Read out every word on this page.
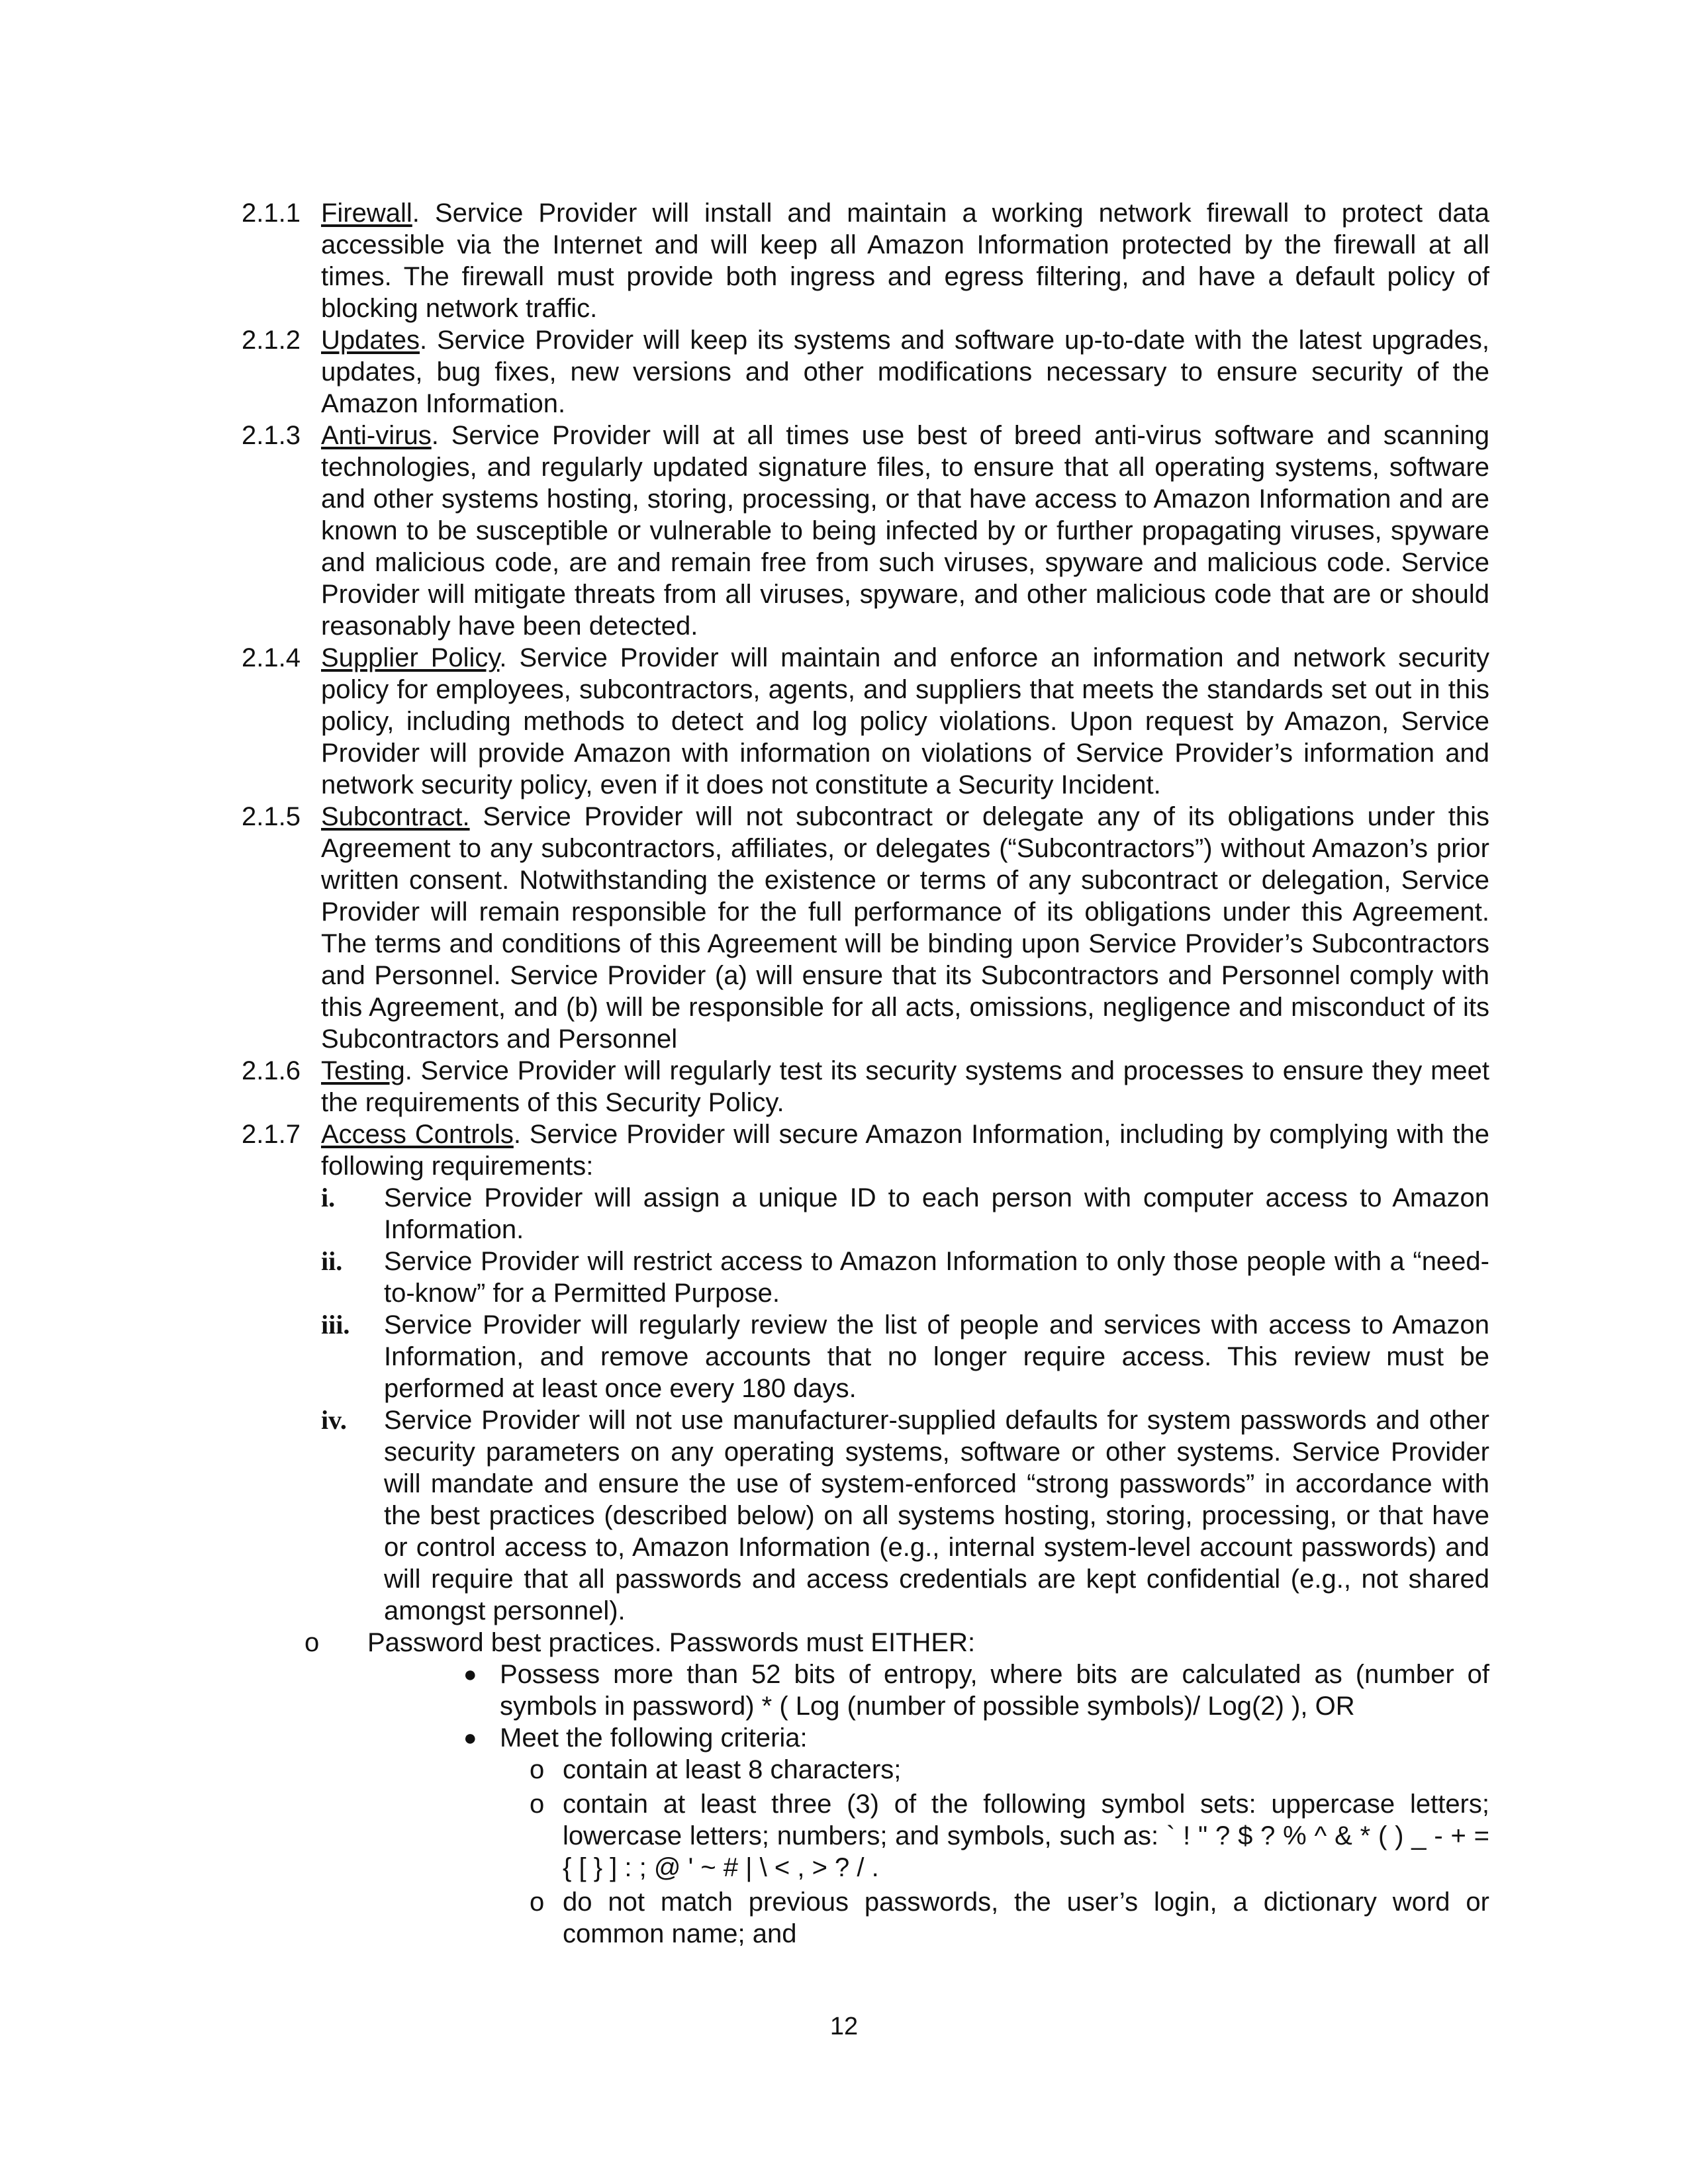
2.1.1 Firewall. Service Provider will install and maintain a working network firewall to protect data accessible via the Internet and will keep all Amazon Information protected by the firewall at all times. The firewall must provide both ingress and egress filtering, and have a default policy of blocking network traffic.
2.1.2 Updates. Service Provider will keep its systems and software up-to-date with the latest upgrades, updates, bug fixes, new versions and other modifications necessary to ensure security of the Amazon Information.
2.1.3 Anti-virus. Service Provider will at all times use best of breed anti-virus software and scanning technologies, and regularly updated signature files, to ensure that all operating systems, software and other systems hosting, storing, processing, or that have access to Amazon Information and are known to be susceptible or vulnerable to being infected by or further propagating viruses, spyware and malicious code, are and remain free from such viruses, spyware and malicious code. Service Provider will mitigate threats from all viruses, spyware, and other malicious code that are or should reasonably have been detected.
2.1.4 Supplier Policy. Service Provider will maintain and enforce an information and network security policy for employees, subcontractors, agents, and suppliers that meets the standards set out in this policy, including methods to detect and log policy violations. Upon request by Amazon, Service Provider will provide Amazon with information on violations of Service Provider’s information and network security policy, even if it does not constitute a Security Incident.
2.1.5 Subcontract. Service Provider will not subcontract or delegate any of its obligations under this Agreement to any subcontractors, affiliates, or delegates (“Subcontractors”) without Amazon’s prior written consent. Notwithstanding the existence or terms of any subcontract or delegation, Service Provider will remain responsible for the full performance of its obligations under this Agreement. The terms and conditions of this Agreement will be binding upon Service Provider’s Subcontractors and Personnel. Service Provider (a) will ensure that its Subcontractors and Personnel comply with this Agreement, and (b) will be responsible for all acts, omissions, negligence and misconduct of its Subcontractors and Personnel
2.1.6 Testing. Service Provider will regularly test its security systems and processes to ensure they meet the requirements of this Security Policy.
2.1.7 Access Controls. Service Provider will secure Amazon Information, including by complying with the following requirements:
i. Service Provider will assign a unique ID to each person with computer access to Amazon Information.
ii. Service Provider will restrict access to Amazon Information to only those people with a “need-to-know” for a Permitted Purpose.
iii. Service Provider will regularly review the list of people and services with access to Amazon Information, and remove accounts that no longer require access. This review must be performed at least once every 180 days.
iv. Service Provider will not use manufacturer-supplied defaults for system passwords and other security parameters on any operating systems, software or other systems. Service Provider will mandate and ensure the use of system-enforced “strong passwords” in accordance with the best practices (described below) on all systems hosting, storing, processing, or that have or control access to, Amazon Information (e.g., internal system-level account passwords) and will require that all passwords and access credentials are kept confidential (e.g., not shared amongst personnel).
o Password best practices. Passwords must EITHER:
● Possess more than 52 bits of entropy, where bits are calculated as (number of symbols in password) * ( Log (number of possible symbols)/ Log(2) ), OR
● Meet the following criteria:
o contain at least 8 characters;
o contain at least three (3) of the following symbol sets: uppercase letters; lowercase letters; numbers; and symbols, such as: ` ! " ? $ ? % ^ & * ( ) _ - + = { [ } ] : ; @ ' ~ # | \ < , > ? / .
o do not match previous passwords, the user’s login, a dictionary word or common name; and
12
